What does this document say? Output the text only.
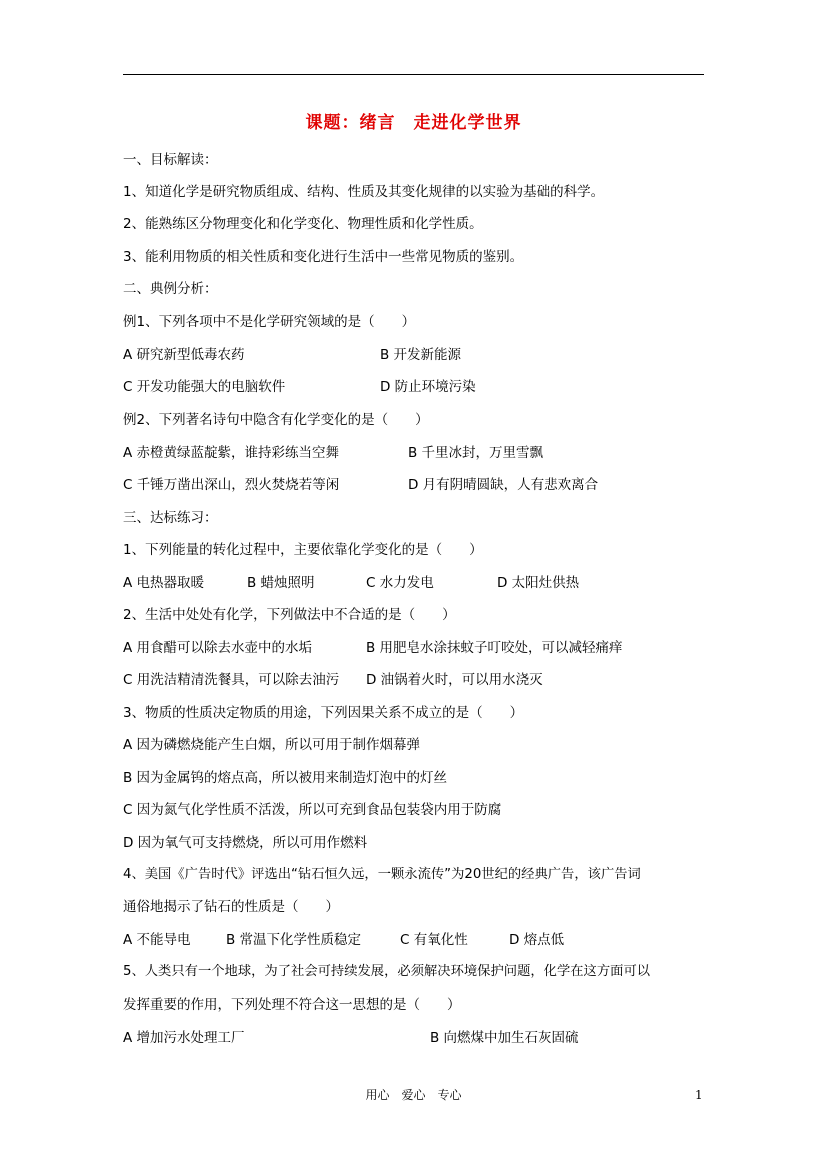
课题：绪言 走进化学世界
一、目标解读：
1、知道化学是研究物质组成、结构、性质及其变化规律的以实验为基础的科学。
2、能熟练区分物理变化和化学变化、物理性质和化学性质。
3、能利用物质的相关性质和变化进行生活中一些常见物质的鉴别。
二、典例分析：
例1、下列各项中不是化学研究领域的是（　　）
A 研究新型低毒农药	B 开发新能源
C 开发功能强大的电脑软件	D 防止环境污染
例2、下列著名诗句中隐含有化学变化的是（　　）
A 赤橙黄绿蓝靛紫，谁持彩练当空舞	B 千里冰封，万里雪飘
C 千锤万凿出深山，烈火焚烧若等闲	D 月有阴晴圆缺，人有悲欢离合
三、达标练习：
1、下列能量的转化过程中，主要依靠化学变化的是（　　）
A 电热器取暖	B 蜡烛照明	C 水力发电	D 太阳灶供热
2、生活中处处有化学，下列做法中不合适的是（　　）
A 用食醋可以除去水壶中的水垢	B 用肥皂水涂抹蚊子叮咬处，可以减轻痛痒
C 用洗洁精清洗餐具，可以除去油污 D 油锅着火时，可以用水浇灭
3、物质的性质决定物质的用途，下列因果关系不成立的是（　　）
A 因为磷燃烧能产生白烟，所以可用于制作烟幕弹
B 因为金属钨的熔点高，所以被用来制造灯泡中的灯丝
C 因为氮气化学性质不活泼，所以可充到食品包装袋内用于防腐
D 因为氧气可支持燃烧，所以可用作燃料
4、美国《广告时代》评选出“钻石恒久远，一颗永流传”为20世纪的经典广告，该广告词
通俗地揭示了钻石的性质是（　　）
A 不能导电	B 常温下化学性质稳定	C 有氧化性	D 熔点低
5、人类只有一个地球，为了社会可持续发展，必须解决环境保护问题，化学在这方面可以
发挥重要的作用，下列处理不符合这一思想的是（　　）
A 增加污水处理工厂	B 向燃煤中加生石灰固硫
用心 爱心 专心	1
